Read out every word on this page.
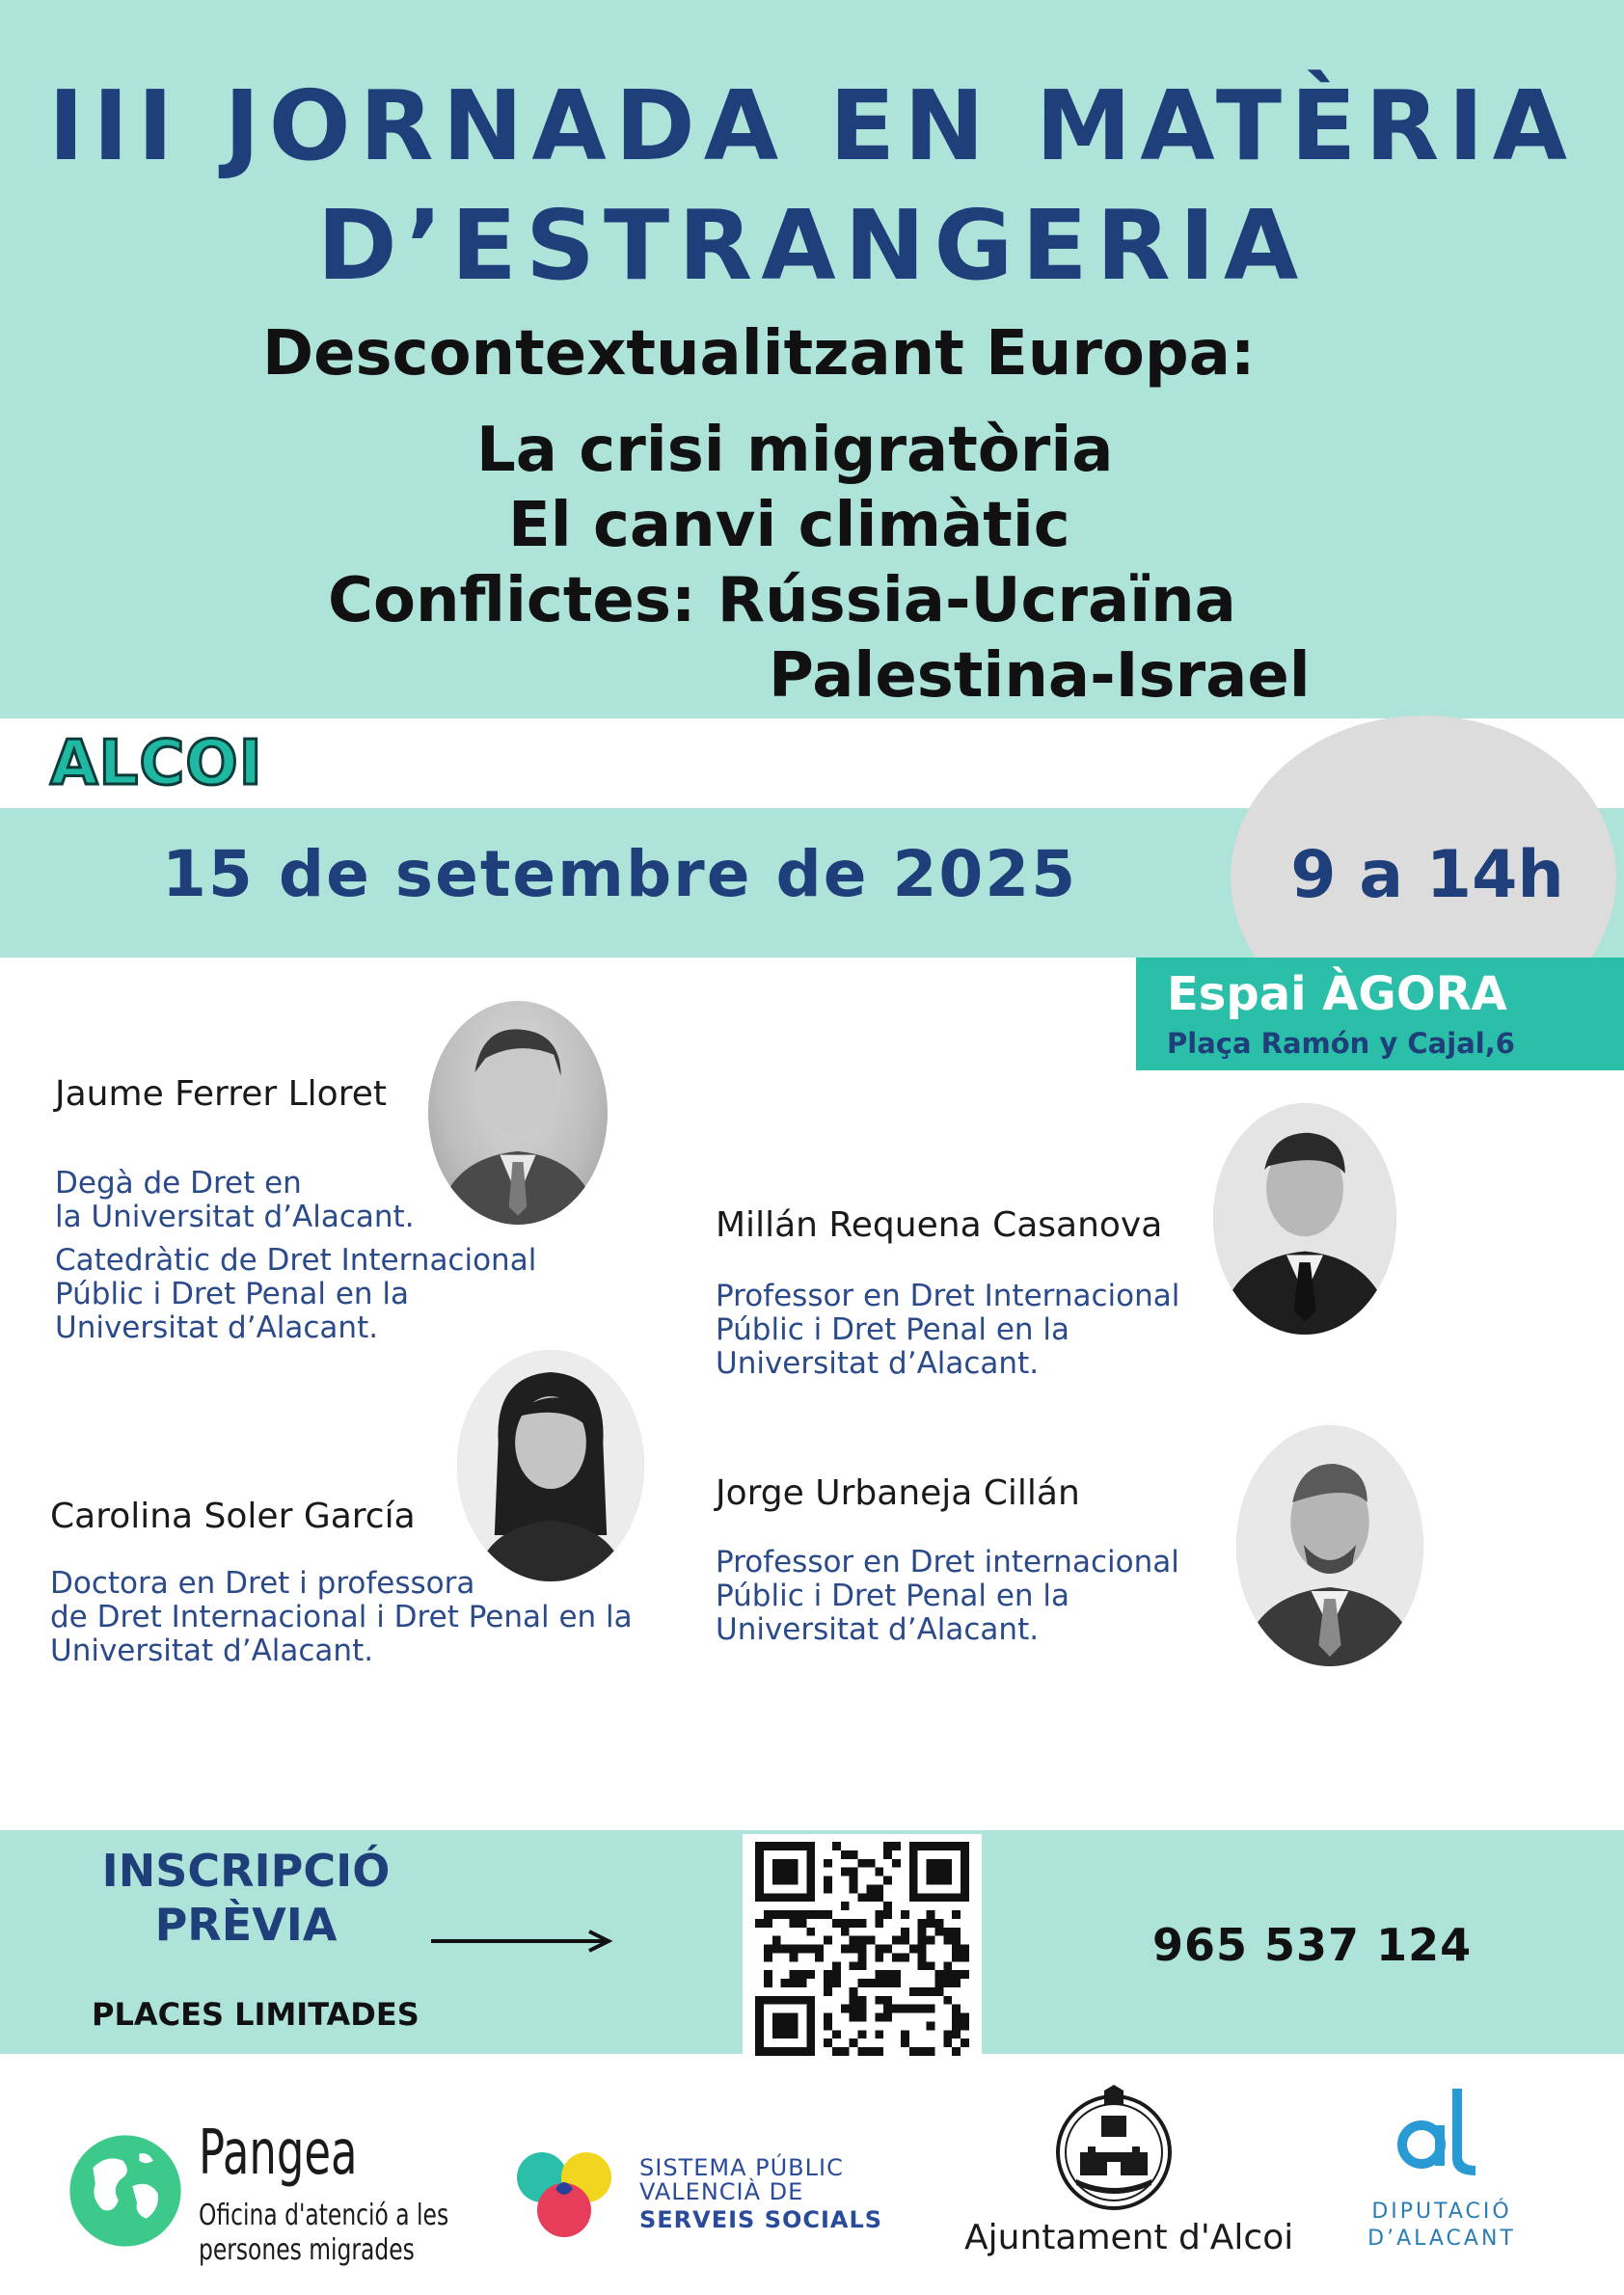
III JORNADA EN MATÈRIA
D’ESTRANGERIA
Descontextualitzant Europa:
La crisi migratòria
El canvi climàtic
Conflictes: Rússia-Ucraïna
Palestina-Israel
ALCOI
15 de setembre de 2025	9 a 14h
Espai ÀGORA
Plaça Ramón y Cajal,6
Jaume Ferrer Lloret
Degà de Dret en
la Universitat d’Alacant.
Catedràtic de Dret Internacional
Públic i Dret Penal en la
Universitat d’Alacant.
Millán Requena Casanova
Professor en Dret Internacional
Públic i Dret Penal en la
Universitat d’Alacant.
Carolina Soler García
Doctora en Dret i professora
de Dret Internacional i Dret Penal en la
Universitat d’Alacant.
Jorge Urbaneja Cillán
Professor en Dret internacional
Públic i Dret Penal en la
Universitat d’Alacant.
INSCRIPCIÓ
PRÈVIA
PLACES LIMITADES
965 537 124
Pangea
Oficina d'atenció a les
persones migrades
SISTEMA PÚBLIC
VALENCIÀ DE
SERVEIS SOCIALS Ajuntament d'Alcoi
DIPUTACIÓ
D’ALACANT
